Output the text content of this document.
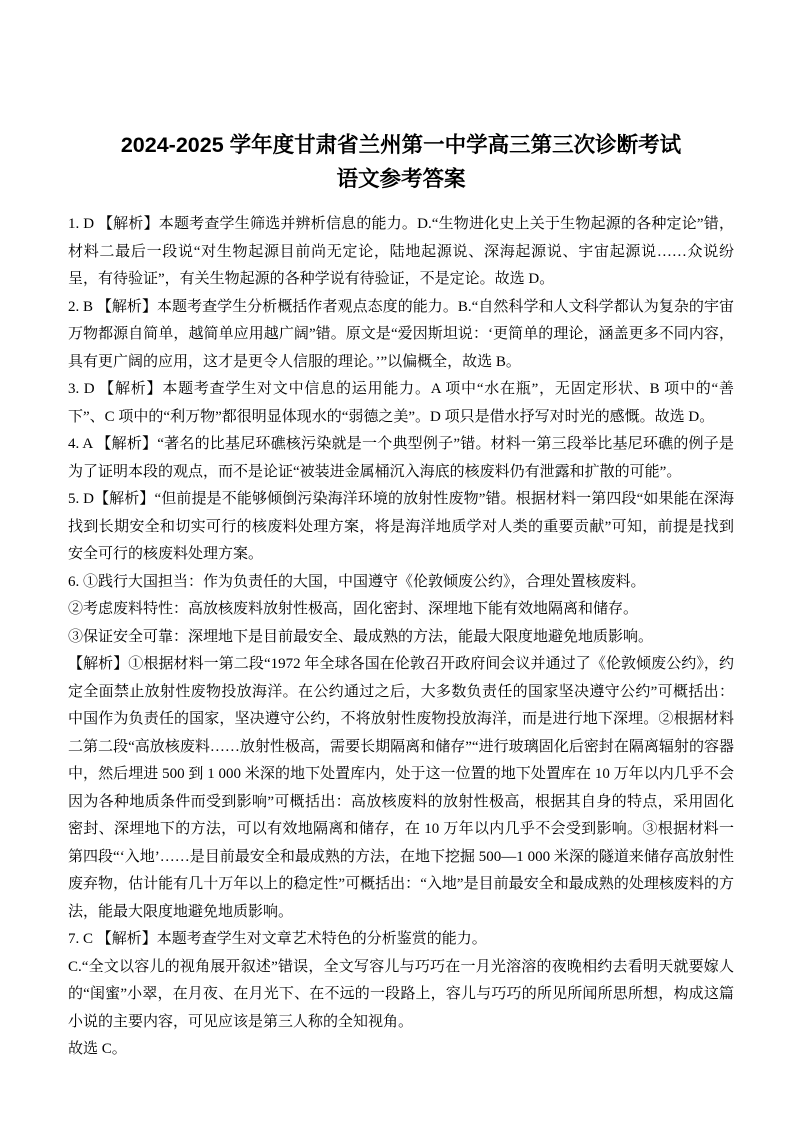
2024-2025 学年度甘肃省兰州第一中学高三第三次诊断考试
语文参考答案

1. D 【解析】本题考查学生筛选并辨析信息的能力。D.“生物进化史上关于生物起源的各种定论”错，材料二最后一段说“对生物起源目前尚无定论，陆地起源说、深海起源说、宇宙起源说……众说纷呈，有待验证”，有关生物起源的各种学说有待验证，不是定论。故选 D。

2. B 【解析】本题考查学生分析概括作者观点态度的能力。B.“自然科学和人文科学都认为复杂的宇宙万物都源自简单，越简单应用越广阔”错。原文是“爱因斯坦说：‘更简单的理论，涵盖更多不同内容，具有更广阔的应用，这才是更令人信服的理论。’”以偏概全，故选 B。

3. D 【解析】本题考查学生对文中信息的运用能力。A 项中“水在瓶”，无固定形状、B 项中的“善下”、C 项中的“利万物”都很明显体现水的“弱德之美”。D 项只是借水抒写对时光的感慨。故选 D。

4. A 【解析】“著名的比基尼环礁核污染就是一个典型例子”错。材料一第三段举比基尼环礁的例子是为了证明本段的观点，而不是论证“被装进金属桶沉入海底的核废料仍有泄露和扩散的可能”。

5. D【解析】“但前提是不能够倾倒污染海洋环境的放射性废物”错。根据材料一第四段“如果能在深海找到长期安全和切实可行的核废料处理方案，将是海洋地质学对人类的重要贡献”可知，前提是找到安全可行的核废料处理方案。

6. ①践行大国担当：作为负责任的大国，中国遵守《伦敦倾废公约》，合理处置核废料。

②考虑废料特性：高放核废料放射性极高，固化密封、深埋地下能有效地隔离和储存。

③保证安全可靠：深埋地下是目前最安全、最成熟的方法，能最大限度地避免地质影响。

【解析】①根据材料一第二段“1972 年全球各国在伦敦召开政府间会议并通过了《伦敦倾废公约》，约定全面禁止放射性废物投放海洋。在公约通过之后，大多数负责任的国家坚决遵守公约”可概括出：中国作为负责任的国家，坚决遵守公约，不将放射性废物投放海洋，而是进行地下深埋。②根据材料二第二段“高放核废料……放射性极高，需要长期隔离和储存”“进行玻璃固化后密封在隔离辐射的容器中，然后埋进 500 到 1 000 米深的地下处置库内，处于这一位置的地下处置库在 10 万年以内几乎不会因为各种地质条件而受到影响”可概括出：高放核废料的放射性极高，根据其自身的特点，采用固化密封、深埋地下的方法，可以有效地隔离和储存，在 10 万年以内几乎不会受到影响。③根据材料一第四段“‘入地’……是目前最安全和最成熟的方法，在地下挖掘 500—1 000 米深的隧道来储存高放射性废弃物，估计能有几十万年以上的稳定性”可概括出：“入地”是目前最安全和最成熟的处理核废料的方法，能最大限度地避免地质影响。

7. C 【解析】本题考查学生对文章艺术特色的分析鉴赏的能力。

C.“全文以容儿的视角展开叙述”错误，全文写容儿与巧巧在一月光溶溶的夜晚相约去看明天就要嫁人的“闺蜜”小翠，在月夜、在月光下、在不远的一段路上，容儿与巧巧的所见所闻所思所想，构成这篇小说的主要内容，可见应该是第三人称的全知视角。

故选 C。
